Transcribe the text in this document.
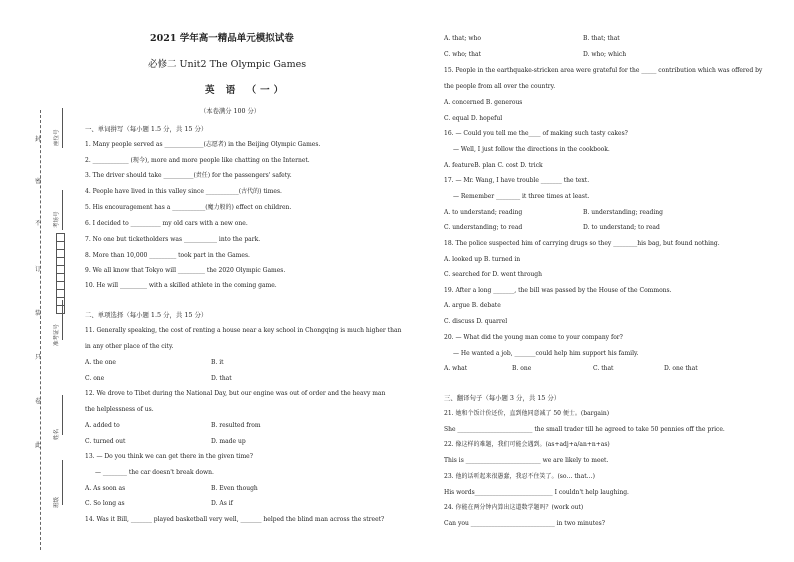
2021 学年高一精品单元模拟试卷
必修二 Unit2 The Olympic Games
英 语 （一）
（本卷满分 100 分）
封
密
不
订
装
只
卷
此
座位号
考场号

准考证号
姓名
班级
一、单词拼写（每小题 1.5 分，共 15 分）
1. Many people served as _____________(志愿者) in the Beijing Olympic Games.
2. ____________ (现今), more and more people like chatting on the Internet.
3. The driver should take __________(责任) for the passengers' safety.
4. People have lived in this valley since ___________(古代的) times.
5. His encouragement has a ___________(魔力般的) effect on children.
6. I decided to __________ my old cars with a new one.
7. No one but ticketholders was ___________ into the park.
8. More than 10,000 _________ took part in the Games.
9. We all know that Tokyo will _________ the 2020 Olympic Games.
10. He will _________ with a skilled athlete in the coming game.
二、单项选择（每小题 1.5 分，共 15 分）
11. Generally speaking, the cost of renting a house near a key school in Chongqing is much higher than
in any other place of the city.
A. the one	B. it
C. one	D. that
12. We drove to Tibet during the National Day, but our engine was out of order and the heavy man
the helplessness of us.
A. added to	B. resulted from
C. turned out	D. made up
13. — Do you think we can get there in the given time?
— ________ the car doesn't break down.
A. As soon as	B. Even though
C. So long as	D. As if
14. Was it Bill, _______ played basketball very well, _______ helped the blind man across the street?
A. that; who	B. that; that
C. who; that	D. who; which
15. People in the earthquake-stricken area were grateful for the _____ contribution which was offered by
the people from all over the country.
A. concerned B. generous
C. equal D. hopeful
16. — Could you tell me the____ of making such tasty cakes?
— Well, I just follow the directions in the cookbook.
A. featureB. plan C. cost D. trick
17. — Mr. Wang, I have trouble _______ the text.
— Remember ________ it three times at least.
A. to understand; reading	B. understanding; reading
C. understanding; to read	D. to understand; to read
18. The police suspected him of carrying drugs so they ________his bag, but found nothing.
A. looked up B. turned in
C. searched for D. went through
19. After a long _______, the bill was passed by the House of the Commons.
A. argue B. debate
C. discuss D. quarrel
20. — What did the young man come to your company for?
— He wanted a job, _______could help him support his family.
A. what	B. one	C. that	D. one that
三、翻译句子（每小题 3 分，共 15 分）
21. 她和个饭计价还价，直到他同意减了 50 便士。(bargain)
She _________________________ the small trader till he agreed to take 50 pennies off the price.
22. 像这样的难题，我们可能会遇到。(as+adj+a/an+n+as)
This is _________________________ we are likely to meet.
23. 他的话听起来很愚蠢，我忍不住笑了。(so… that…)
His words__________________________ I couldn't help laughing.
24. 你能在两分钟内算出这道数学题吗？(work out)
Can you ____________________________ in two minutes?
